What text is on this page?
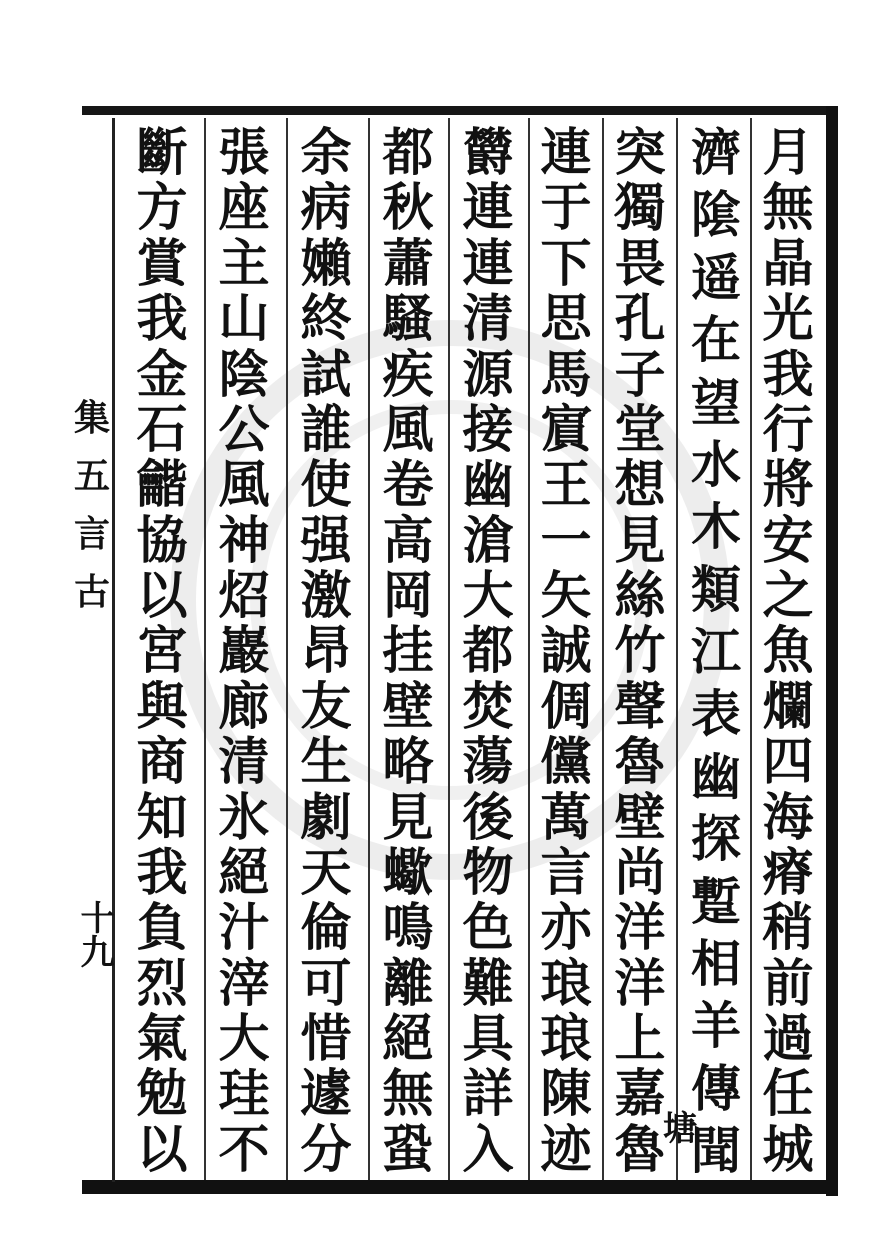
月
無
晶
光
我
行
將
安
之
魚
爛
四
海
瘠
稍
前
過
任
城
濟
隂
遥
在
望
水
木
類
江
表
幽
探
蹔
相
羊
傳
聞
突
獨
畏
孔
子
堂
想
見
絲
竹
聲
魯
壁
尚
洋
洋
上
嘉
魯
連
于
下
思
馬
賔
王
一
矢
誠
倜
儻
萬
言
亦
琅
琅
陳
迹
欝
連
連
清
源
接
幽
滄
大
都
焚
蕩
後
物
色
難
具
詳
入
都
秋
蕭
騷
疾
風
卷
高
岡
挂
壁
略
見
蠍
鳴
離
絕
無
蛩
余
病
嬾
終
試
誰
使
强
激
昂
友
生
劇
天
倫
可
惜
遽
分
張
座
主
山
陰
公
風
神
炤
巖
廊
清
氷
絕
汁
滓
大
珪
不
斷
方
賞
我
金
石
龤
協
以
宮
與
商
知
我
負
烈
氣
勉
以	塘
集
五
言
古
十九
